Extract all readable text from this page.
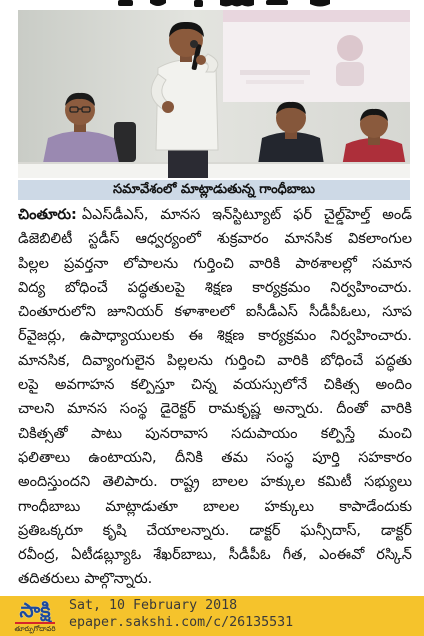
సమావేశంలో మాట్లాడుతున్న గాంధీబాబు
చింతూరు: ఏఎస్‌డీఎస్, మానస ఇన్‌స్టిట్యూట్ ఫర్ చైల్డ్‌హెల్త్ అండ్
డిజెబిలిటీ స్టడీస్ ఆధ్వర్యంలో శుక్రవారం మానసిక వికలాంగుల
పిల్లల ప్రవర్తనా లోపాలను గుర్తించి వారికి పాఠశాలల్లో సమాన
విద్య బోధించే పద్ధతులపై శిక్షణ కార్యక్రమం నిర్వహించారు.
చింతూరులోని జూనియర్ కళాశాలలో ఐసీడీఎస్ సీడీపీఓలు, సూప
ర్‌వైజర్లు, ఉపాధ్యాయులకు ఈ శిక్షణ కార్యక్రమం నిర్వహించారు.
మానసిక, దివ్యాంగులైన పిల్లలను గుర్తించి వారికి బోధించే పద్ధతు
లపై అవగాహన కల్పిస్తూ చిన్న వయస్సులోనే చికిత్స అందిం
చాలని మానస సంస్థ డైరెక్టర్ రామకృష్ణ అన్నారు. దీంతో వారికి
చికిత్సతో పాటు పునరావాస సదుపాయం కల్పిస్తే మంచి
ఫలితాలు ఉంటాయని, దీనికి తమ సంస్థ పూర్తి సహకారం
అందిస్తుందని తెలిపారు. రాష్ట్ర బాలల హక్కుల కమిటీ సభ్యులు
గాంధీబాబు మాట్లాడుతూ బాలల హక్కులు కాపాడేందుకు
ప్రతిఒక్కరూ కృషి చేయాలన్నారు. డాక్టర్ ఘన్సీదాస్, డాక్టర్
రవీంద్ర, ఏటీడబ్ల్యూఓ శేఖర్‌బాబు, సీడీపీఓ గీత, ఎంఈవో రస్కిన్
తదితరులు పాల్గొన్నారు.
సాక్షి
తూర్పుగోదావరి
Sat, 10 February 2018
epaper.sakshi.com/c/26135531
